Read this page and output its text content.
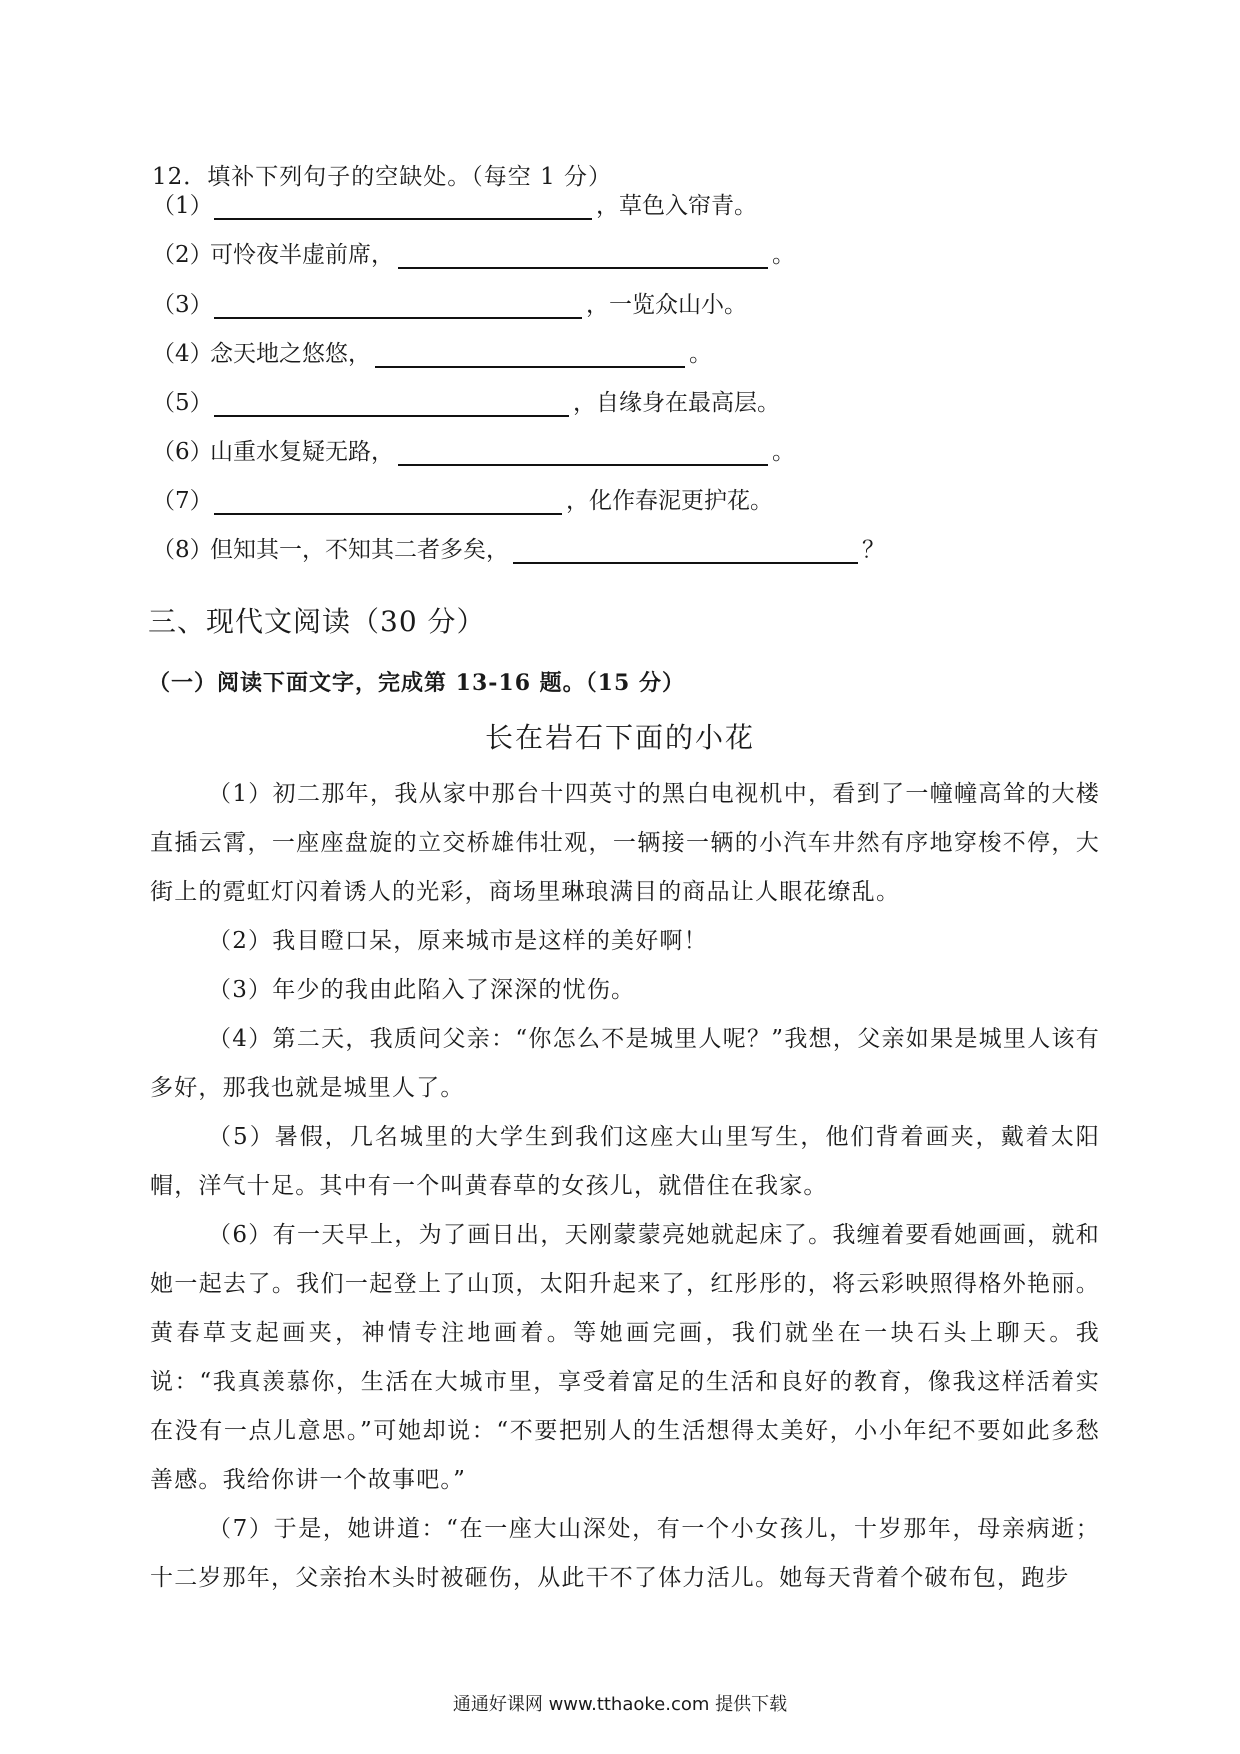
12．填补下列句子的空缺处。（每空 1 分）
（1）	，草色入帘青。
（2）
可怜夜半虚前席，	。
（3）	，一览众山小。
（4）
念天地之悠悠，	。
（5）	，自缘身在最高层。
（6）
山重水复疑无路，	。
（7）	，化作春泥更护花。
（8）
但知其一，不知其二者多矣，	？
三、现代文阅读（30 分）
（一）阅读下面文字，完成第 13-16 题。（15 分）
长在岩石下面的小花

（1）初二那年，我从家中那台十四英寸的黑白电视机中，看到了一幢幢高耸的大楼直插云霄，一座座盘旋的立交桥雄伟壮观，一辆接一辆的小汽车井然有序地穿梭不停，大街上的霓虹灯闪着诱人的光彩，商场里琳琅满目的商品让人眼花缭乱。

（2）我目瞪口呆，原来城市是这样的美好啊！

（3）年少的我由此陷入了深深的忧伤。

（4）第二天，我质问父亲：“你怎么不是城里人呢？”我想，父亲如果是城里人该有多好，那我也就是城里人了。

（5）暑假，几名城里的大学生到我们这座大山里写生，他们背着画夹，戴着太阳帽，洋气十足。其中有一个叫黄春草的女孩儿，就借住在我家。

（6）有一天早上，为了画日出，天刚蒙蒙亮她就起床了。我缠着要看她画画，就和她一起去了。我们一起登上了山顶，太阳升起来了，红彤彤的，将云彩映照得格外艳丽。黄春草支起画夹，神情专注地画着。等她画完画，我们就坐在一块石头上聊天。我说：“我真羡慕你，生活在大城市里，享受着富足的生活和良好的教育，像我这样活着实在没有一点儿意思。”可她却说：“不要把别人的生活想得太美好，小小年纪不要如此多愁善感。我给你讲一个故事吧。”

（7）于是，她讲道：“在一座大山深处，有一个小女孩儿，十岁那年，母亲病逝；十二岁那年，父亲抬木头时被砸伤，从此干不了体力活儿。她每天背着个破布包，跑步

通通好课网 www.tthaoke.com 提供下载
